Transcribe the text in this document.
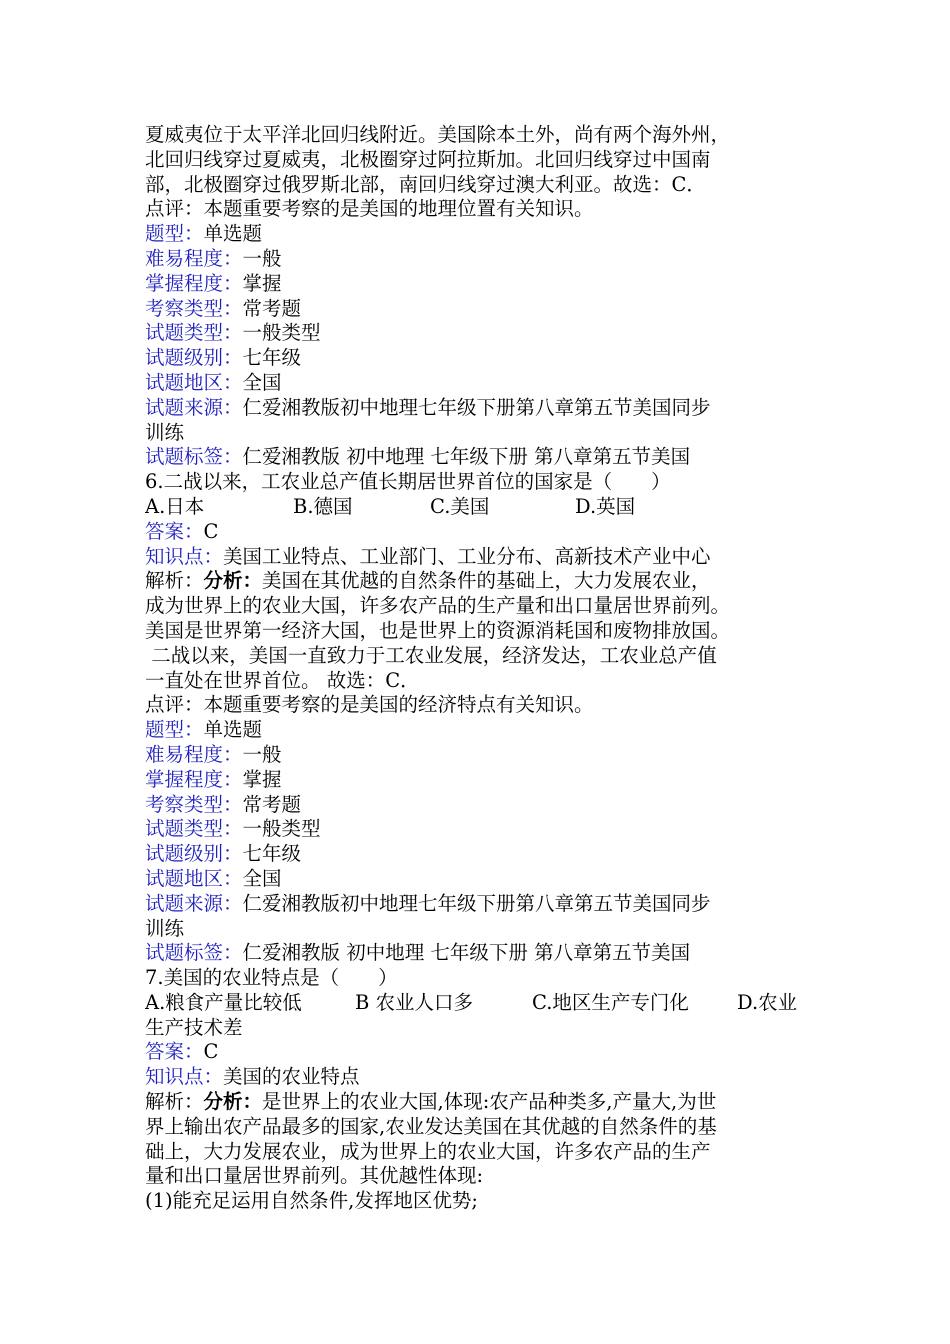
夏威夷位于太平洋北回归线附近。美国除本土外，尚有两个海外州，
北回归线穿过夏威夷，北极圈穿过阿拉斯加。北回归线穿过中国南
部，北极圈穿过俄罗斯北部，南回归线穿过澳大利亚。故选：C．
点评：本题重要考察的是美国的地理位置有关知识。
题型：单选题
难易程度：一般
掌握程度：掌握
考察类型：常考题
试题类型：一般类型
试题级别：七年级
试题地区：全国
试题来源：仁爱湘教版初中地理七年级下册第八章第五节美国同步
训练
试题标签：仁爱湘教版 初中地理 七年级下册 第八章第五节美国
6.二战以来，工农业总产值长期居世界首位的国家是（　　）
A.日本	B.德国	C.美国	D.英国
答案：C
知识点：美国工业特点、工业部门、工业分布、高新技术产业中心
解析：分析：美国在其优越的自然条件的基础上，大力发展农业，
成为世界上的农业大国，许多农产品的生产量和出口量居世界前列。
美国是世界第一经济大国，也是世界上的资源消耗国和废物排放国。
二战以来，美国一直致力于工农业发展，经济发达，工农业总产值
一直处在世界首位。 故选：C．
点评：本题重要考察的是美国的经济特点有关知识。
题型：单选题
难易程度：一般
掌握程度：掌握
考察类型：常考题
试题类型：一般类型
试题级别：七年级
试题地区：全国
试题来源：仁爱湘教版初中地理七年级下册第八章第五节美国同步
训练
试题标签：仁爱湘教版 初中地理 七年级下册 第八章第五节美国
7.美国的农业特点是（　　）
A.粮食产量比较低	B 农业人口多	C.地区生产专门化 D.农业
生产技术差
答案：C
知识点：美国的农业特点
解析：分析：是世界上的农业大国,体现:农产品种类多,产量大,为世
界上输出农产品最多的国家,农业发达美国在其优越的自然条件的基
础上，大力发展农业，成为世界上的农业大国，许多农产品的生产
量和出口量居世界前列。其优越性体现:
(1)能充足运用自然条件,发挥地区优势;
